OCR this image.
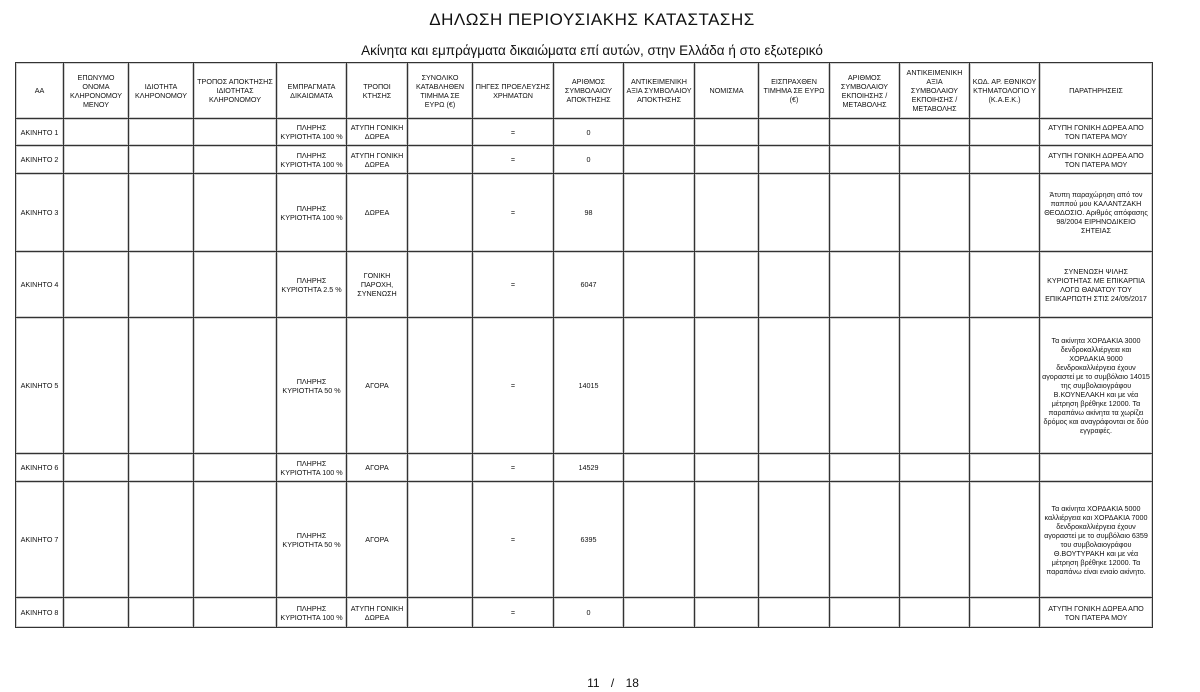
ΔΗΛΩΣΗ ΠΕΡΙΟΥΣΙΑΚΗΣ ΚΑΤΑΣΤΑΣΗΣ
Ακίνητα και εμπράγματα δικαιώματα επί αυτών, στην Ελλάδα ή στο εξωτερικό
ΑΑ	ΕΠΩΝΥΜΟ ΟΝΟΜΑ ΚΛΗΡΟΝΟΜΟΥ ΜΕΝΟΥ	ΙΔΙΟΤΗΤΑ ΚΛΗΡΟΝΟΜΟΥ	ΤΡΟΠΟΣ ΑΠΟΚΤΗΣΗΣ ΙΔΙΟΤΗΤΑΣ ΚΛΗΡΟΝΟΜΟΥ	ΕΜΠΡΑΓΜΑΤΑ ΔΙΚΑΙΩΜΑΤΑ	ΤΡΟΠΟΙ ΚΤΗΣΗΣ	ΣΥΝΟΛΙΚΟ ΚΑΤΑΒΛΗΘΕΝ ΤΙΜΗΜΑ ΣΕ ΕΥΡΩ (€)	ΠΗΓΕΣ ΠΡΟΕΛΕΥΣΗΣ ΧΡΗΜΑΤΩΝ	ΑΡΙΘΜΟΣ ΣΥΜΒΟΛΑΙΟΥ ΑΠΟΚΤΗΣΗΣ	ΑΝΤΙΚΕΙΜΕΝΙΚΗ ΑΞΙΑ ΣΥΜΒΟΛΑΙΟΥ ΑΠΟΚΤΗΣΗΣ	ΝΟΜΙΣΜΑ	ΕΙΣΠΡΑΧΘΕΝ ΤΙΜΗΜΑ ΣΕ ΕΥΡΩ (€)	ΑΡΙΘΜΟΣ ΣΥΜΒΟΛΑΙΟΥ ΕΚΠΟΙΗΣΗΣ /ΜΕΤΑΒΟΛΗΣ	ΑΝΤΙΚΕΙΜΕΝΙΚΗ ΑΞΙΑ ΣΥΜΒΟΛΑΙΟΥ ΕΚΠΟΙΗΣΗΣ / ΜΕΤΑΒΟΛΗΣ	ΚΩΔ. ΑΡ. ΕΘΝΙΚΟΥ ΚΤΗΜΑΤΟΛΟΓΙΟ Υ (Κ.Α.Ε.Κ.)	ΠΑΡΑΤΗΡΗΣΕΙΣ
ΑΚΙΝΗΤΟ 1				ΠΛΗΡΗΣ ΚΥΡΙΟΤΗΤΑ 100 %	ΑΤΥΠΗ ΓΟΝΙΚΗ ΔΩΡΕΑ		=	0							ΑΤΥΠΗ ΓΟΝΙΚΗ ΔΩΡΕΑ ΑΠΟ ΤΟΝ ΠΑΤΕΡΑ ΜΟΥ
ΑΚΙΝΗΤΟ 2				ΠΛΗΡΗΣ ΚΥΡΙΟΤΗΤΑ 100 %	ΑΤΥΠΗ ΓΟΝΙΚΗ ΔΩΡΕΑ		=	0							ΑΤΥΠΗ ΓΟΝΙΚΗ ΔΩΡΕΑ ΑΠΟ ΤΟΝ ΠΑΤΕΡΑ ΜΟΥ
ΑΚΙΝΗΤΟ 3				ΠΛΗΡΗΣ ΚΥΡΙΟΤΗΤΑ 100 %	ΔΩΡΕΑ		=	98							Άτυπη παραχώρηση από τον παππού μου ΚΑΛΑΝΤΖΑΚΗ ΘΕΟΔΟΣΙΟ. Αριθμός απόφασης 98/2004 ΕΙΡΗΝΟΔΙΚΕΙΟ ΣΗΤΕΙΑΣ
ΑΚΙΝΗΤΟ 4				ΠΛΗΡΗΣ ΚΥΡΙΟΤΗΤΑ 2.5 %	ΓΟΝΙΚΗ ΠΑΡΟΧΗ, ΣΥΝΕΝΩΣΗ		=	6047							ΣΥΝΕΝΩΣΗ ΨΙΛΗΣ ΚΥΡΙΟΤΗΤΑΣ ΜΕ ΕΠΙΚΑΡΠΙΑ ΛΟΓΩ ΘΑΝΑΤΟΥ ΤΟΥ ΕΠΙΚΑΡΠΩΤΗ ΣΤΙΣ 24/05/2017
ΑΚΙΝΗΤΟ 5				ΠΛΗΡΗΣ ΚΥΡΙΟΤΗΤΑ 50 %	ΑΓΟΡΑ		=	14015							Τα ακίνητα ΧΟΡΔΑΚΙΑ 3000 δενδροκαλλιέργεια και ΧΟΡΔΑΚΙΑ 9000 δενδροκαλλιέργεια έχουν αγοραστεί με το συμβόλαιο 14015 της συμβολαιογράφου Β.ΚΟΥΝΕΛΑΚΗ και με νέα μέτρηση βρέθηκε 12000. Τα παραπάνω ακίνητα τα χωρίζει δρόμος και αναγράφονται σε δύο εγγραφές.
ΑΚΙΝΗΤΟ 6				ΠΛΗΡΗΣ ΚΥΡΙΟΤΗΤΑ 100 %	ΑΓΟΡΑ		=	14529							
ΑΚΙΝΗΤΟ 7				ΠΛΗΡΗΣ ΚΥΡΙΟΤΗΤΑ 50 %	ΑΓΟΡΑ		=	6395							Τα ακίνητα ΧΟΡΔΑΚΙΑ 5000 καλλιέργεια και ΧΟΡΔΑΚΙΑ 7000 δενδροκαλλιέργεια έχουν αγοραστεί με το συμβόλαιο 6359 του συμβολαιογράφου Θ.ΒΟΥΤΥΡΑΚΗ και με νέα μέτρηση βρέθηκε 12000. Τα παραπάνω είναι ενιαίο ακίνητο.
ΑΚΙΝΗΤΟ 8				ΠΛΗΡΗΣ ΚΥΡΙΟΤΗΤΑ 100 %	ΑΤΥΠΗ ΓΟΝΙΚΗ ΔΩΡΕΑ		=	0							ΑΤΥΠΗ ΓΟΝΙΚΗ ΔΩΡΕΑ ΑΠΟ ΤΟΝ ΠΑΤΕΡΑ ΜΟΥ
11 / 18
